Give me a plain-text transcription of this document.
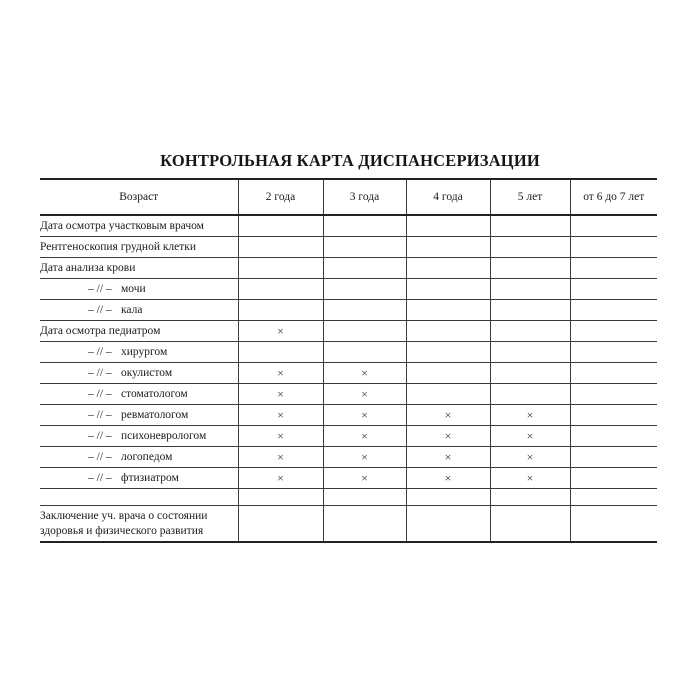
КОНТРОЛЬНАЯ КАРТА ДИСПАНСЕРИЗАЦИИ
Возраст	2 года	3 года	4 года	5 лет	от 6 до 7 лет
Дата осмотра участковым врачом					
Рентгеноскопия грудной клетки					
Дата анализа крови					
– // – мочи					
– // – кала					
Дата осмотра педиатром	×				
– // – хирургом					
– // – окулистом	×	×			
– // – стоматологом	×	×			
– // – ревматологом	×	×	×	×	
– // – психоневрологом	×	×	×	×	
– // – логопедом	×	×	×	×	
– // – фтизиатром	×	×	×	×	

Заключение уч. врача о состоянии здоровья и физического развития					
